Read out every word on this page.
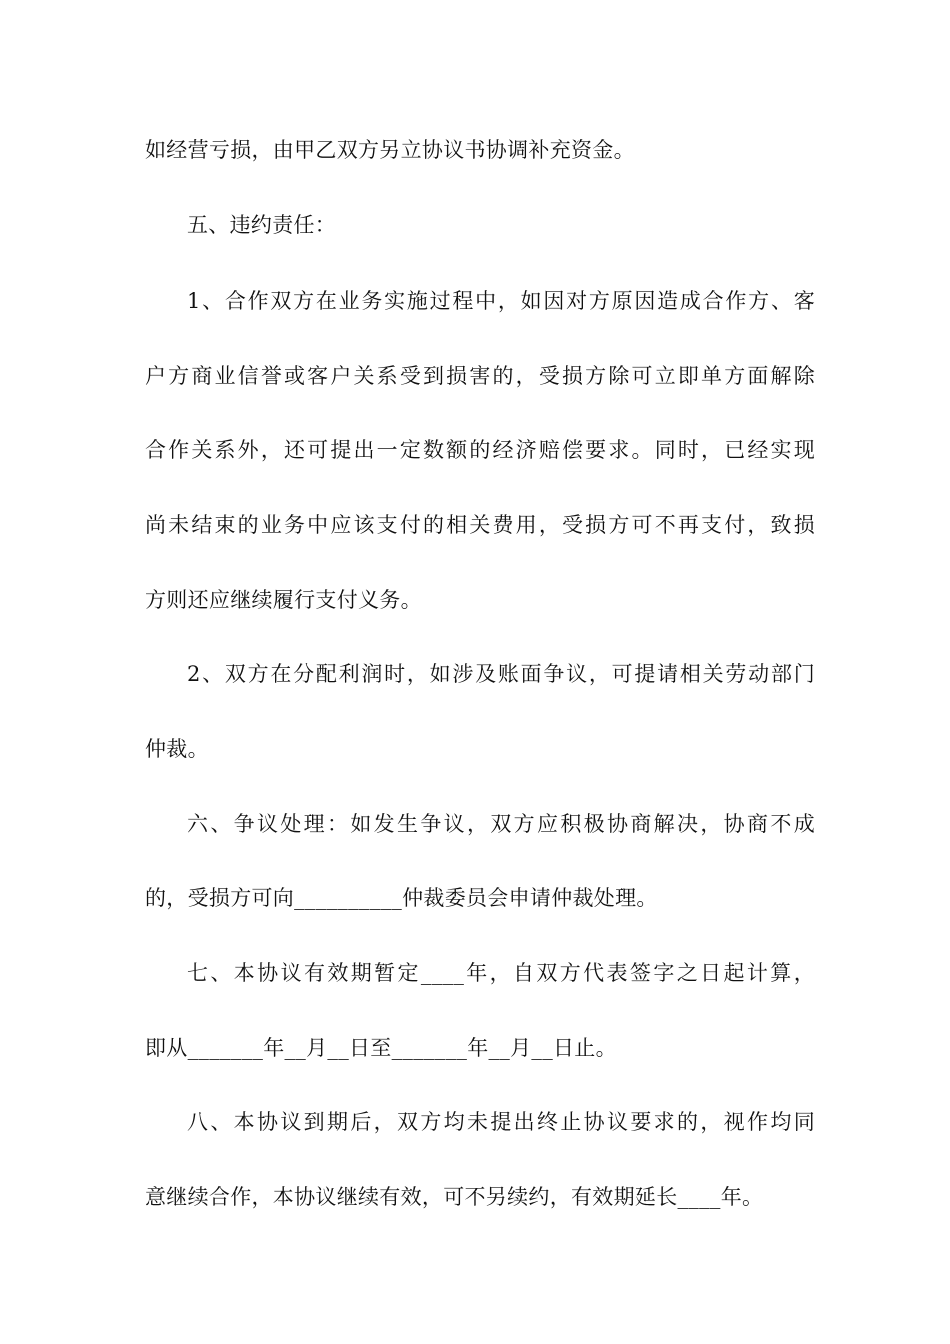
如经营亏损，由甲乙双方另立协议书协调补充资金。
五、违约责任：
1、合作双方在业务实施过程中，如因对方原因造成合作方、客
户方商业信誉或客户关系受到损害的，受损方除可立即单方面解除
合作关系外，还可提出一定数额的经济赔偿要求。同时，已经实现
尚未结束的业务中应该支付的相关费用，受损方可不再支付，致损
方则还应继续履行支付义务。
2、双方在分配利润时，如涉及账面争议，可提请相关劳动部门
仲裁。
六、争议处理：如发生争议，双方应积极协商解决，协商不成
的，受损方可向__________仲裁委员会申请仲裁处理。
七、本协议有效期暂定____年，自双方代表签字之日起计算，
即从_______年__月__日至_______年__月__日止。
八、本协议到期后，双方均未提出终止协议要求的，视作均同
意继续合作，本协议继续有效，可不另续约，有效期延长____年。
